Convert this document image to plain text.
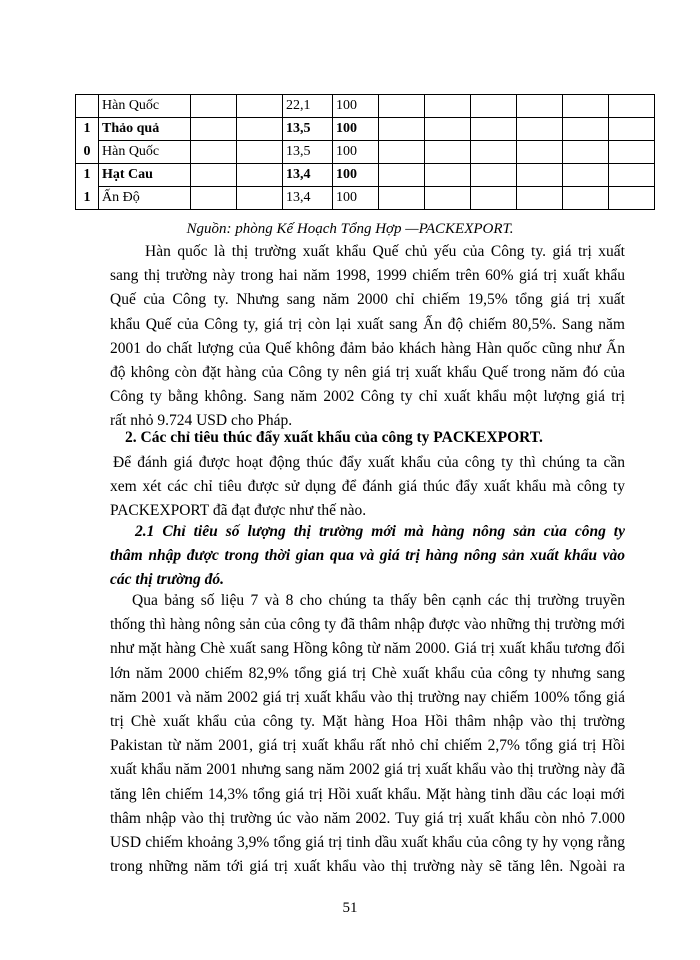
	Hàn Quốc			22,1	100						
1	Thảo quả			13,5	100						
0	Hàn Quốc			13,5	100						
1	Hạt Cau			13,4	100						
1	Ấn Độ			13,4	100						

Nguồn: phòng Kế Hoạch Tổng Hợp —PACKEXPORT.

Hàn quốc là thị trường xuất khẩu Quế chủ yếu của Công ty. giá trị xuất
sang thị trường này trong hai năm 1998, 1999 chiếm trên 60% giá trị xuất khẩu
Quế của Công ty. Nhưng sang năm 2000 chỉ chiếm 19,5% tổng giá trị xuất
khẩu Quế của Công ty, giá trị còn lại xuất sang Ấn độ chiếm 80,5%. Sang năm
2001 do chất lượng của Quế không đảm bảo khách hàng Hàn quốc cũng như Ấn
độ không còn đặt hàng của Công ty nên giá trị xuất khẩu Quế trong năm đó của
Công ty bằng không. Sang năm 2002 Công ty chỉ xuất khẩu một lượng giá trị
rất nhỏ 9.724 USD cho Pháp.

2. Các chỉ tiêu thúc đẩy xuất khẩu của công ty PACKEXPORT.

Để đánh giá được hoạt động thúc đẩy xuất khẩu của công ty thì chúng ta cần
xem xét các chỉ tiêu được sử dụng để đánh giá thúc đẩy xuất khẩu mà công ty
PACKEXPORT đã đạt được như thế nào.
2.1 Chỉ tiêu số lượng thị trường mới mà hàng nông sản của công ty
thâm nhập được trong thời gian qua và giá trị hàng nông sản xuất khẩu vào
các thị trường đó.
Qua bảng số liệu 7 và 8 cho chúng ta thấy bên cạnh các thị trường truyền
thống thì hàng nông sản của công ty đã thâm nhập được vào những thị trường mới
như mặt hàng Chè xuất sang Hồng kông từ năm 2000. Giá trị xuất khẩu tương đối
lớn năm 2000 chiếm 82,9% tổng giá trị Chè xuất khẩu của công ty nhưng sang
năm 2001 và năm 2002 giá trị xuất khẩu vào thị trường nay chiếm 100% tổng giá
trị Chè xuất khẩu của công ty. Mặt hàng Hoa Hồi thâm nhập vào thị trường
Pakistan từ năm 2001, giá trị xuất khẩu rất nhỏ chỉ chiếm 2,7% tổng giá trị Hồi
xuất khẩu năm 2001 nhưng sang năm 2002 giá trị xuất khẩu vào thị trường này đã
tăng lên chiếm 14,3% tổng giá trị Hồi xuất khẩu. Mặt hàng tinh dầu các loại mới
thâm nhập vào thị trường úc vào năm 2002. Tuy giá trị xuất khẩu còn nhỏ 7.000
USD chiếm khoảng 3,9% tổng giá trị tinh dầu xuất khẩu của công ty hy vọng rằng
trong những năm tới giá trị xuất khẩu vào thị trường này sẽ tăng lên. Ngoài ra

51
